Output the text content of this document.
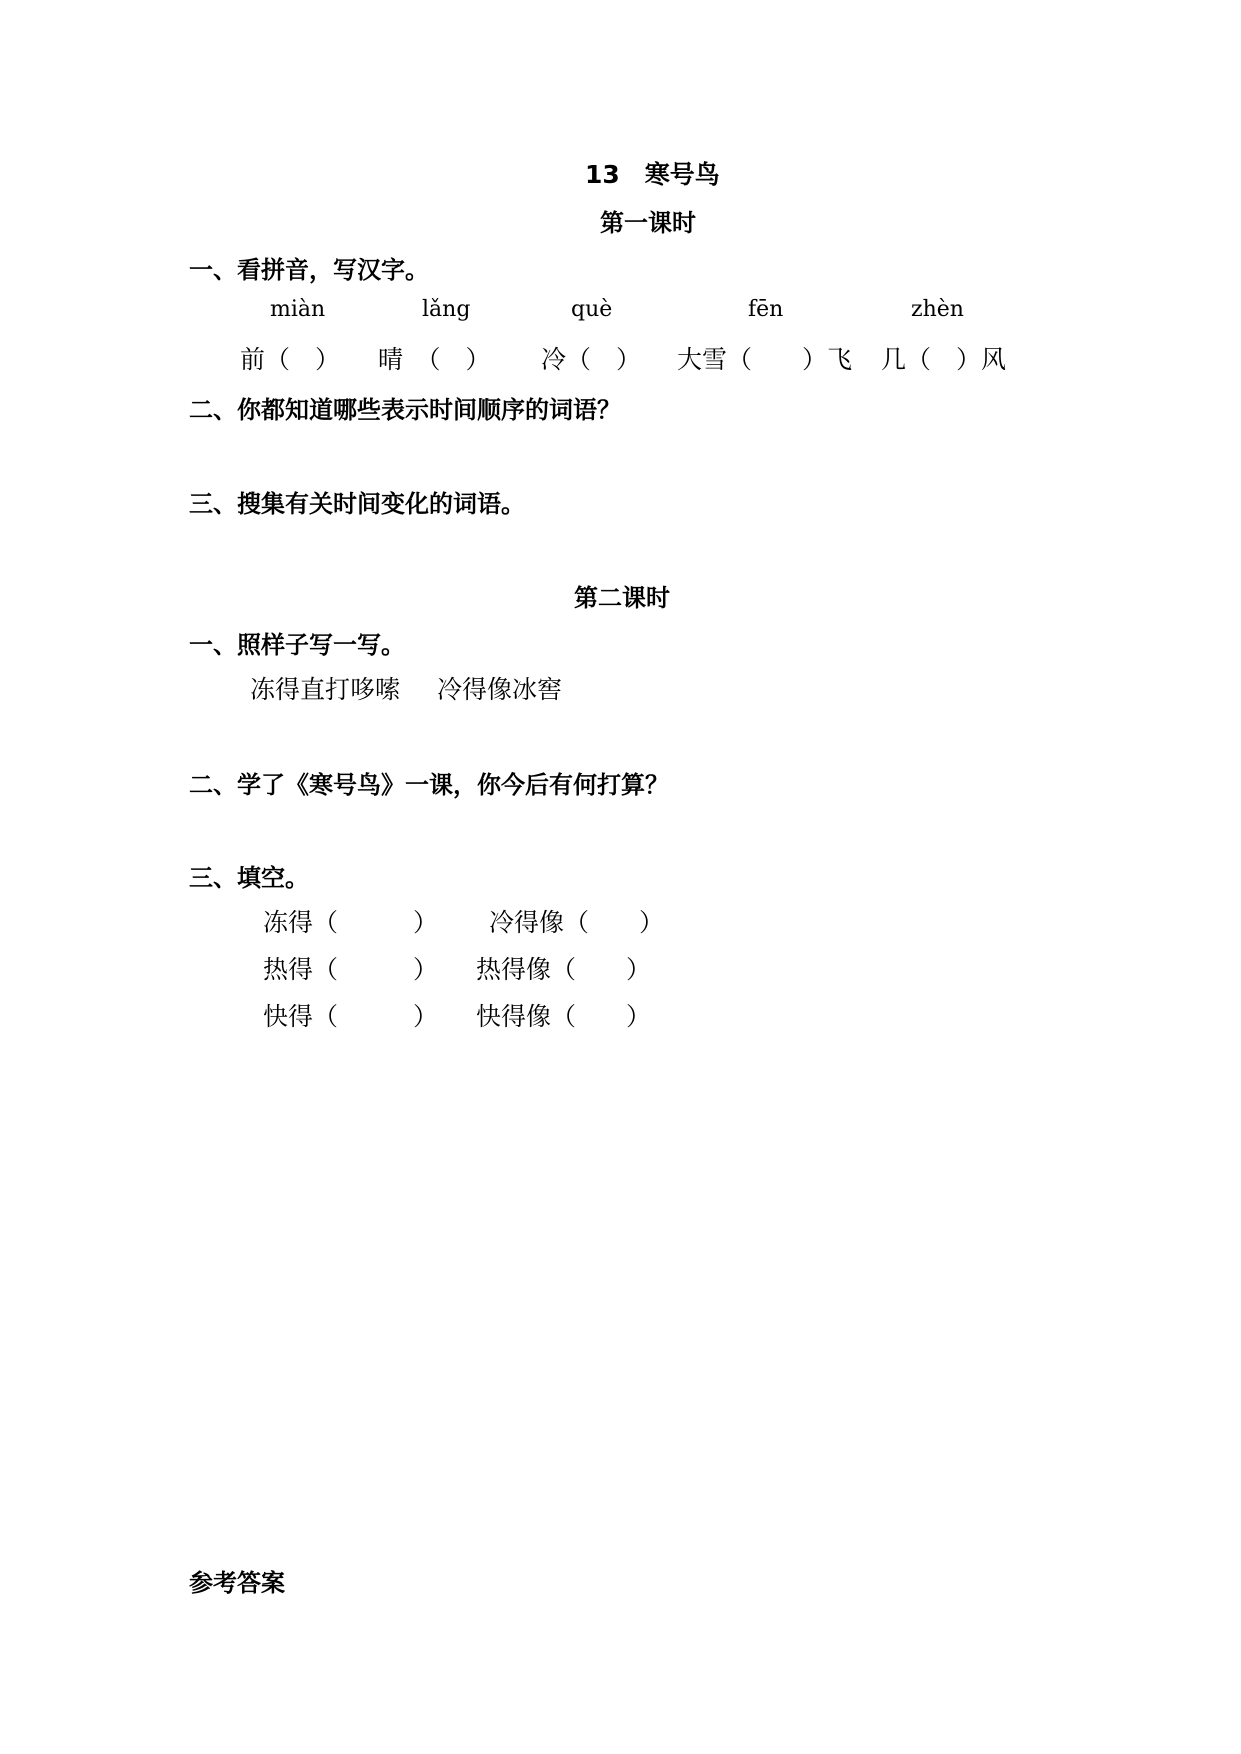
13　寒号鸟
第一课时
一、看拼音，写汉字。
miàn	lǎng	què	fēn	zhèn
前（　） 晴　（　） 冷（　） 大雪（　　）飞 几（　）风
二、你都知道哪些表示时间顺序的词语？
三、搜集有关时间变化的词语。
第二课时
一、照样子写一写。
冻得直打哆嗦 冷得像冰窖
二、学了《寒号鸟》一课，你今后有何打算？
三、填空。
冻得（　　　） 冷得像（　　）
热得（　　　） 热得像（　　）
快得（　　　） 快得像（　　）
参考答案
